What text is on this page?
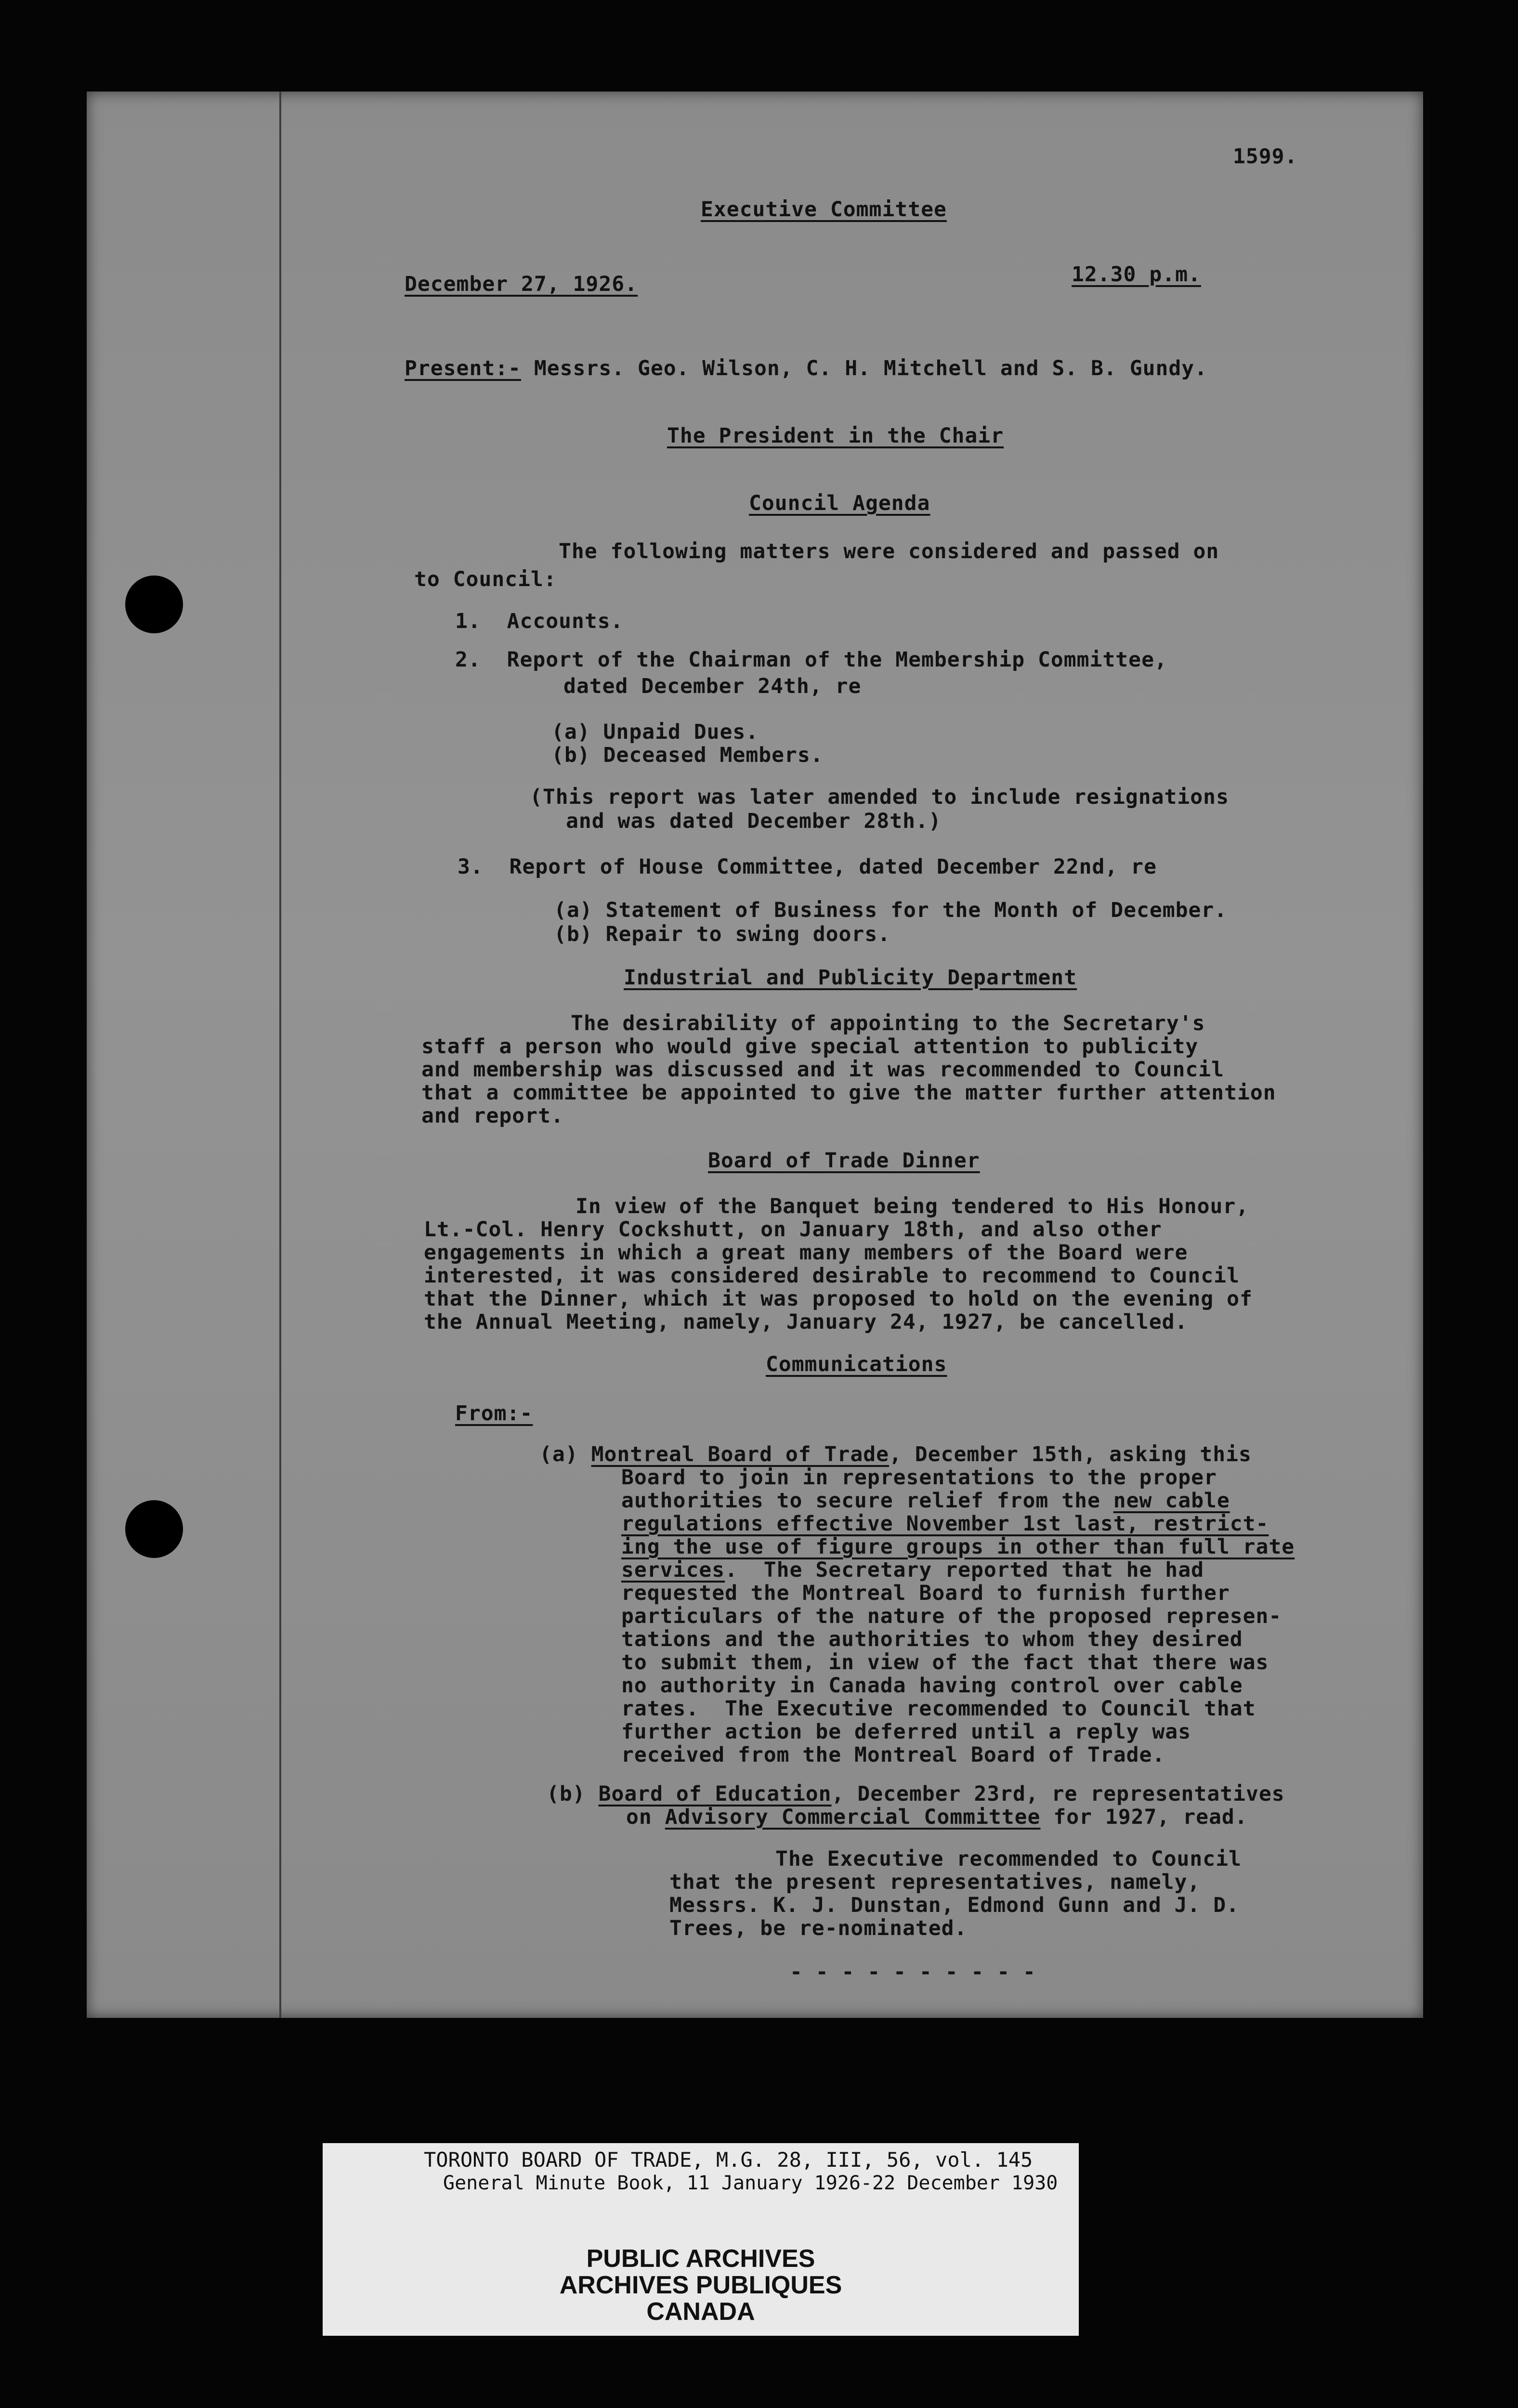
1599.
Executive Committee
December 27, 1926.	12.30 p.m.
Present:- Messrs. Geo. Wilson, C. H. Mitchell and S. B. Gundy.
The President in the Chair
Council Agenda
The following matters were considered and passed on
to Council:
1.  Accounts.
2.  Report of the Chairman of the Membership Committee,
dated December 24th, re
(a) Unpaid Dues.
(b) Deceased Members.
(This report was later amended to include resignations
and was dated December 28th.)
3.  Report of House Committee, dated December 22nd, re
(a) Statement of Business for the Month of December.
(b) Repair to swing doors.
Industrial and Publicity Department
The desirability of appointing to the Secretary's
staff a person who would give special attention to publicity
and membership was discussed and it was recommended to Council
that a committee be appointed to give the matter further attention
and report.
Board of Trade Dinner
In view of the Banquet being tendered to His Honour,
Lt.-Col. Henry Cockshutt, on January 18th, and also other
engagements in which a great many members of the Board were
interested, it was considered desirable to recommend to Council
that the Dinner, which it was proposed to hold on the evening of
the Annual Meeting, namely, January 24, 1927, be cancelled.
Communications
From:-
(a) Montreal Board of Trade, December 15th, asking this
Board to join in representations to the proper
authorities to secure relief from the new cable
regulations effective November 1st last, restrict-
ing the use of figure groups in other than full rate
services.  The Secretary reported that he had
requested the Montreal Board to furnish further
particulars of the nature of the proposed represen-
tations and the authorities to whom they desired
to submit them, in view of the fact that there was
no authority in Canada having control over cable
rates.  The Executive recommended to Council that
further action be deferred until a reply was
received from the Montreal Board of Trade.
(b) Board of Education, December 23rd, re representatives
on Advisory Commercial Committee for 1927, read.
The Executive recommended to Council
that the present representatives, namely,
Messrs. K. J. Dunstan, Edmond Gunn and J. D.
Trees, be re-nominated.
- - - - - - - - - -
TORONTO BOARD OF TRADE, M.G. 28, III, 56, vol. 145
General Minute Book, 11 January 1926-22 December 1930
PUBLIC ARCHIVES
ARCHIVES PUBLIQUES
CANADA
